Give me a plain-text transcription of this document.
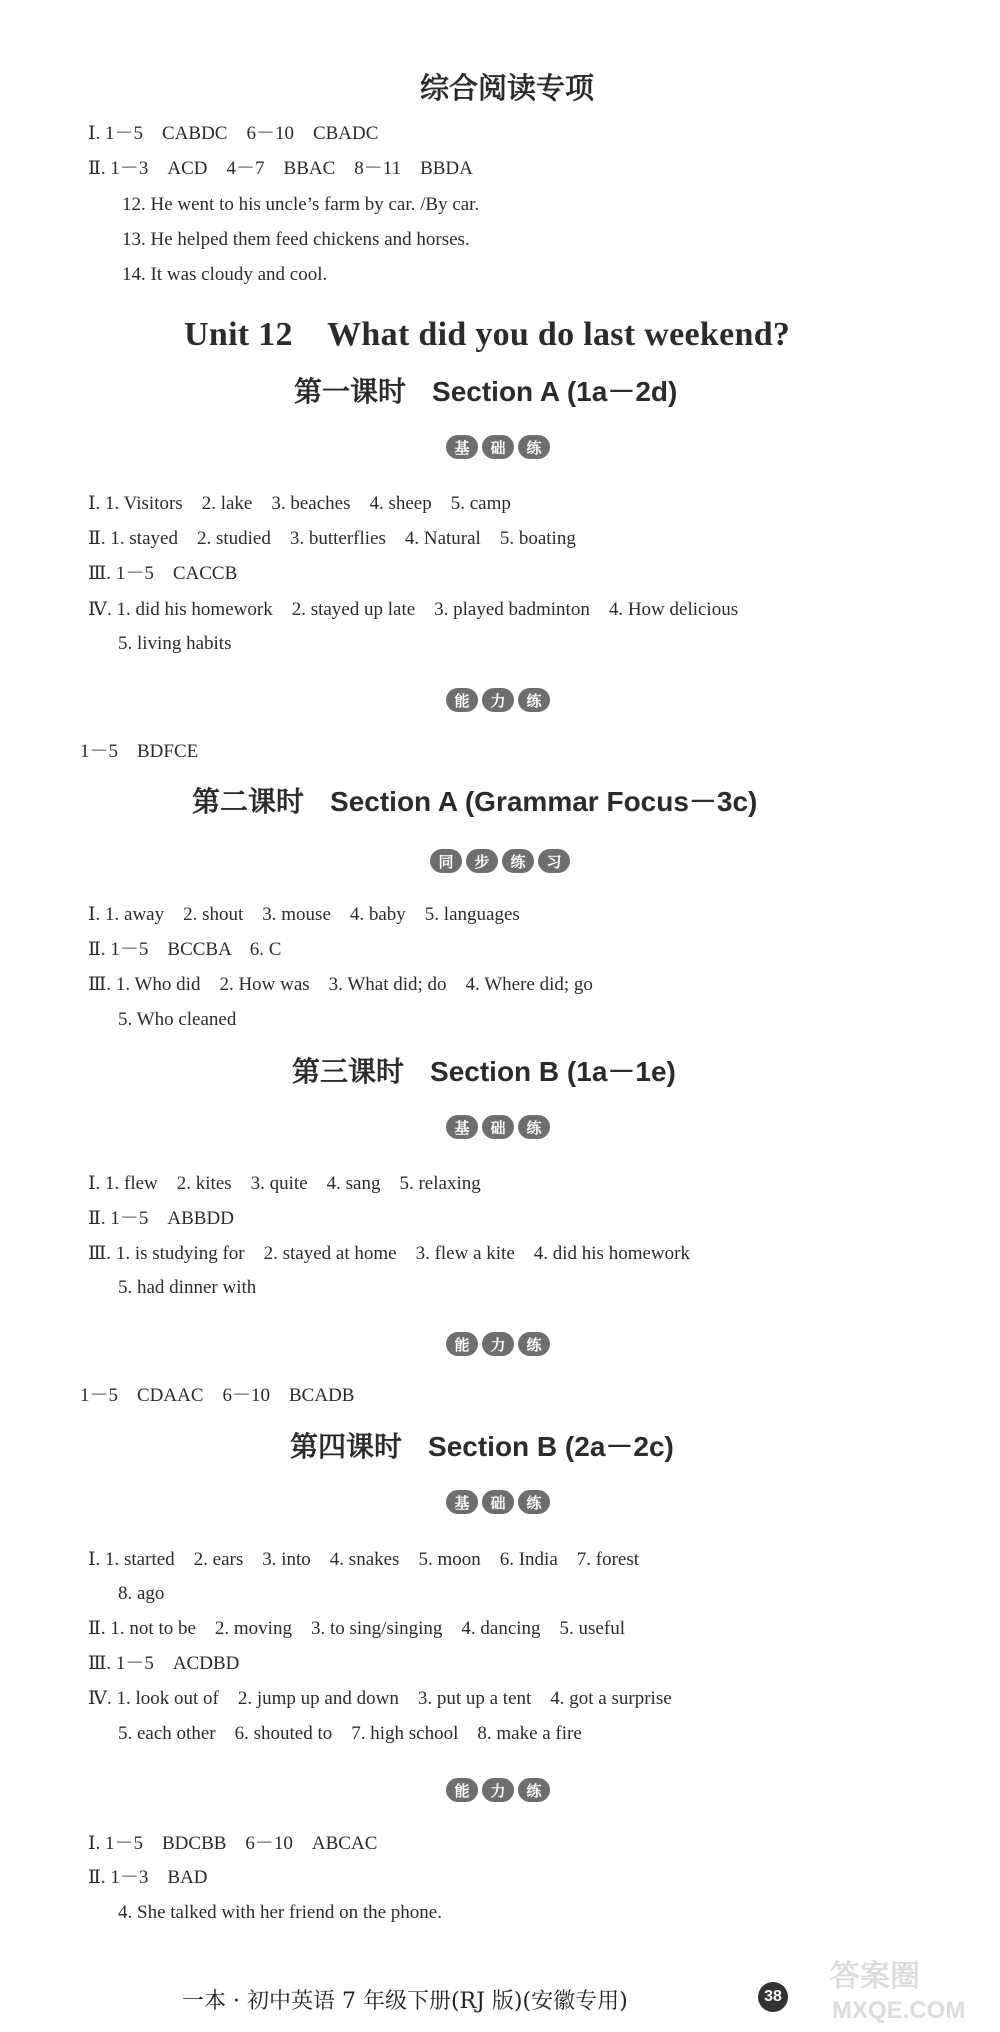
综合阅读专项
Ⅰ. 1－5　CABDC　6－10　CBADC
Ⅱ. 1－3　ACD　4－7　BBAC　8－11　BBDA
12. He went to his uncle’s farm by car. /By car.
13. He helped them feed chickens and horses.
14. It was cloudy and cool.
Unit 12　What did you do last weekend?
第一课时 Section A (1a－2d)
基	础	练
Ⅰ. 1. Visitors　2. lake　3. beaches　4. sheep　5. camp
Ⅱ. 1. stayed　2. studied　3. butterflies　4. Natural　5. boating
Ⅲ. 1－5　CACCB
Ⅳ. 1. did his homework　2. stayed up late　3. played badminton　4. How delicious
5. living habits
能	力	练
1－5　BDFCE
第二课时 Section A (Grammar Focus－3c)
同	步	练	习
Ⅰ. 1. away　2. shout　3. mouse　4. baby　5. languages
Ⅱ. 1－5　BCCBA　6. C
Ⅲ. 1. Who did　2. How was　3. What did; do　4. Where did; go
5. Who cleaned
第三课时 Section B (1a－1e)
基	础	练
Ⅰ. 1. flew　2. kites　3. quite　4. sang　5. relaxing
Ⅱ. 1－5　ABBDD
Ⅲ. 1. is studying for　2. stayed at home　3. flew a kite　4. did his homework
5. had dinner with
能	力	练
1－5　CDAAC　6－10　BCADB
第四课时 Section B (2a－2c)
基	础	练
Ⅰ. 1. started　2. ears　3. into　4. snakes　5. moon　6. India　7. forest
8. ago
Ⅱ. 1. not to be　2. moving　3. to sing/singing　4. dancing　5. useful
Ⅲ. 1－5　ACDBD
Ⅳ. 1. look out of　2. jump up and down　3. put up a tent　4. got a surprise
5. each other　6. shouted to　7. high school　8. make a fire
能	力	练
Ⅰ. 1－5　BDCBB　6－10　ABCAC
Ⅱ. 1－3　BAD
4. She talked with her friend on the phone.
一本 · 初中英语 7 年级下册(RJ 版)(安徽专用)	38
答案圈
MXQE.COM
